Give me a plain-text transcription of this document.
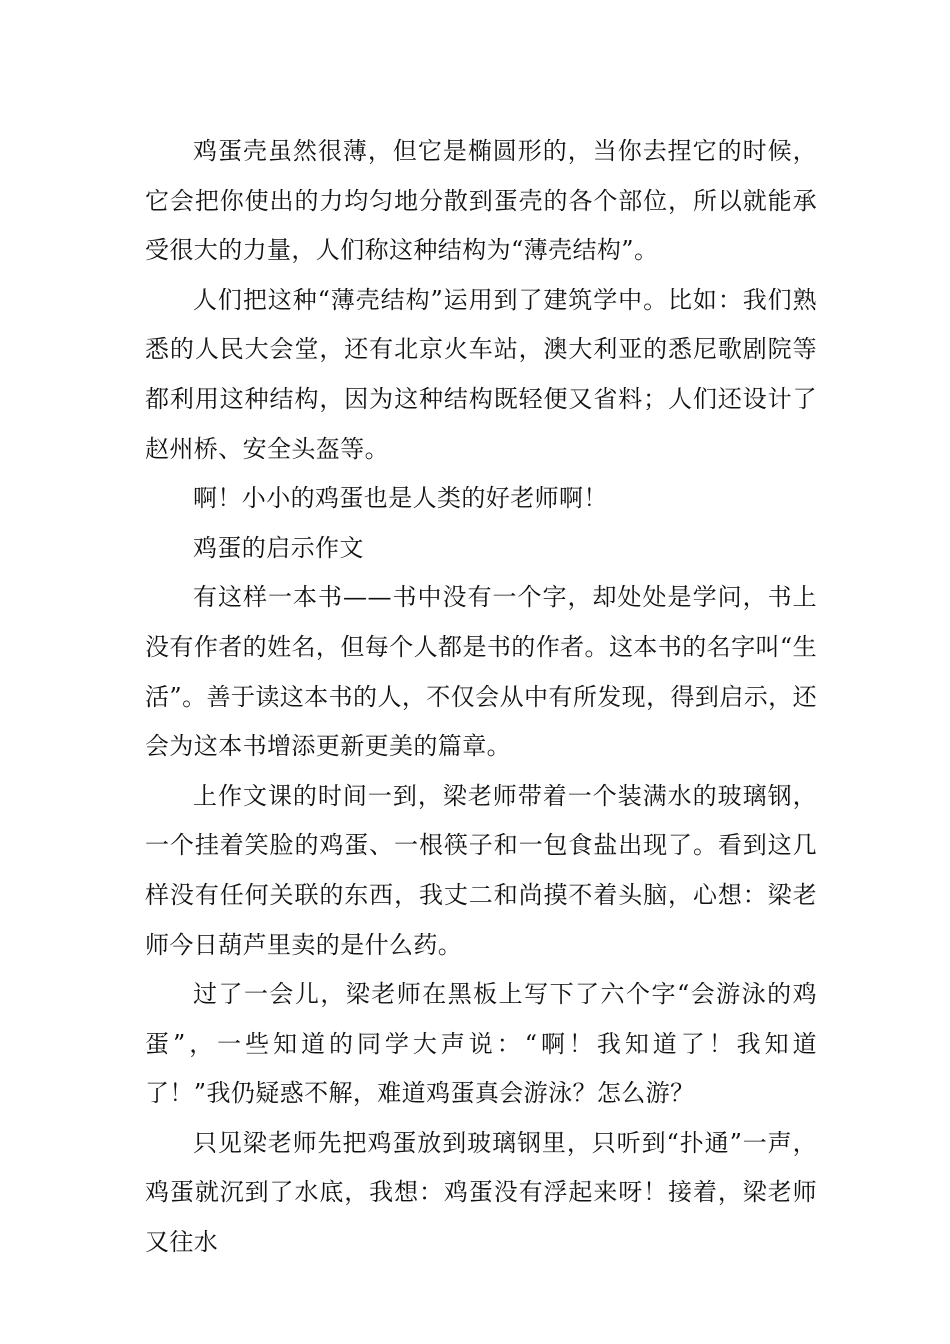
鸡蛋壳虽然很薄，但它是椭圆形的，当你去捏它的时候，它会把你使出的力均匀地分散到蛋壳的各个部位，所以就能承受很大的力量，人们称这种结构为“薄壳结构”。

人们把这种“薄壳结构”运用到了建筑学中。比如：我们熟悉的人民大会堂，还有北京火车站，澳大利亚的悉尼歌剧院等都利用这种结构，因为这种结构既轻便又省料；人们还设计了赵州桥、安全头盔等。

啊！小小的鸡蛋也是人类的好老师啊！

鸡蛋的启示作文

有这样一本书——书中没有一个字，却处处是学问，书上没有作者的姓名，但每个人都是书的作者。这本书的名字叫“生活”。善于读这本书的人，不仅会从中有所发现，得到启示，还会为这本书增添更新更美的篇章。

上作文课的时间一到，梁老师带着一个装满水的玻璃钢，一个挂着笑脸的鸡蛋、一根筷子和一包食盐出现了。看到这几样没有任何关联的东西，我丈二和尚摸不着头脑，心想：梁老师今日葫芦里卖的是什么药。

过了一会儿，梁老师在黑板上写下了六个字“会游泳的鸡蛋”，一些知道的同学大声说：“啊！我知道了！我知道了！”我仍疑惑不解，难道鸡蛋真会游泳？怎么游？

只见梁老师先把鸡蛋放到玻璃钢里，只听到“扑通”一声，鸡蛋就沉到了水底，我想：鸡蛋没有浮起来呀！接着，梁老师又往水
